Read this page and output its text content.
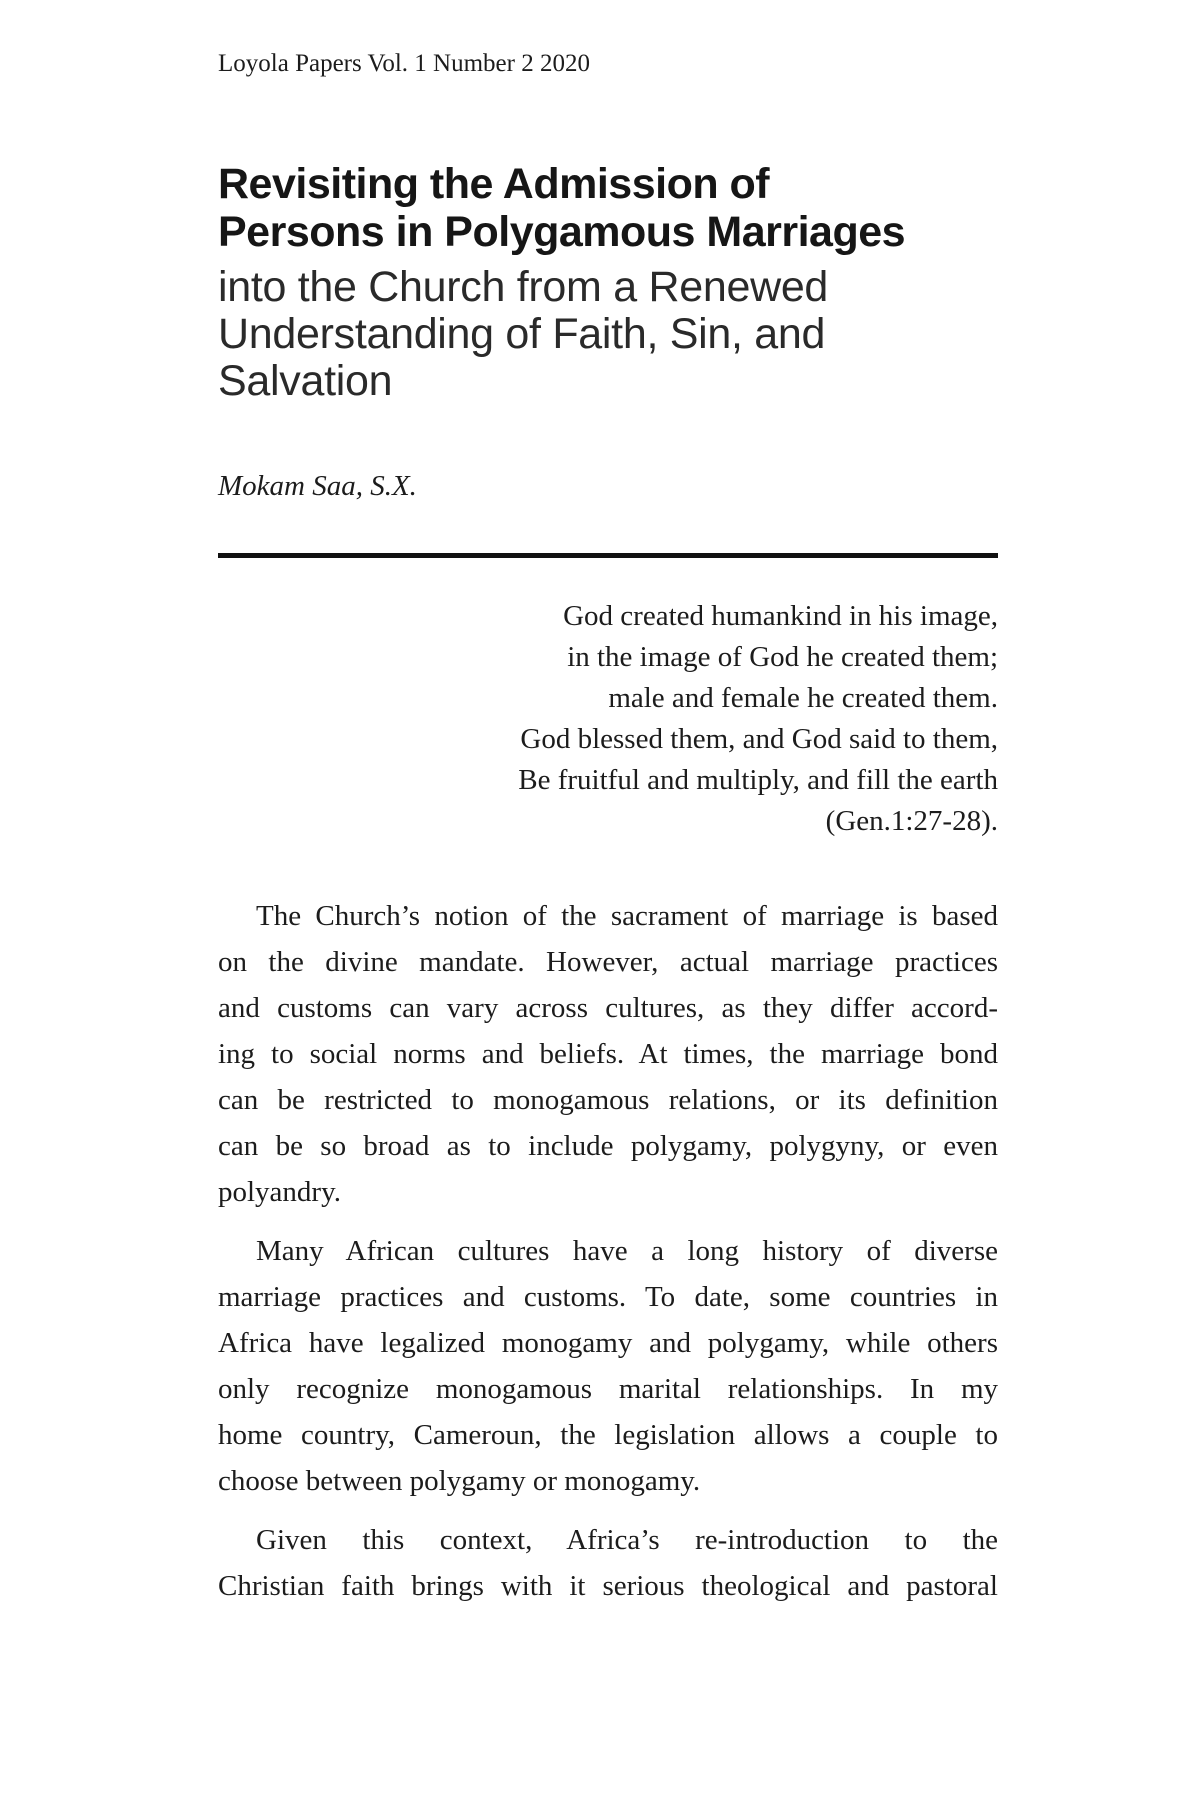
Loyola Papers Vol. 1 Number 2 2020
Revisiting the Admission of
Persons in Polygamous Marriages
into the Church from a Renewed
Understanding of Faith, Sin, and
Salvation
Mokam Saa, S.X.
God created humankind in his image,
in the image of God he created them;
male and female he created them.
God blessed them, and God said to them,
Be fruitful and multiply, and fill the earth
(Gen.1:27-28).
The Church’s notion of the sacrament of marriage is based
on the divine mandate. However, actual marriage practices
and customs can vary across cultures, as they differ accord-
ing to social norms and beliefs. At times, the marriage bond
can be restricted to monogamous relations, or its definition
can be so broad as to include polygamy, polygyny, or even
polyandry.
Many African cultures have a long history of diverse
marriage practices and customs. To date, some countries in
Africa have legalized monogamy and polygamy, while others
only recognize monogamous marital relationships. In my
home country, Cameroun, the legislation allows a couple to
choose between polygamy or monogamy.
Given this context, Africa’s re-introduction to the
Christian faith brings with it serious theological and pastoral
